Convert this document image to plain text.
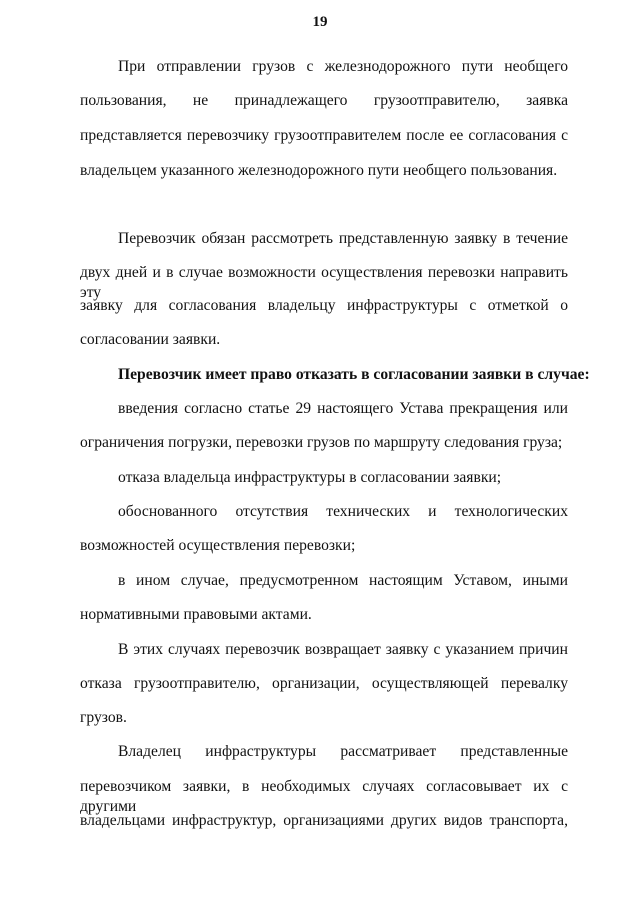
19
При отправлении грузов с железнодорожного пути необщего
пользования, не принадлежащего грузоотправителю, заявка
представляется перевозчику грузоотправителем после ее согласования с
владельцем указанного железнодорожного пути необщего пользования.
Перевозчик обязан рассмотреть представленную заявку в течение
двух дней и в случае возможности осуществления перевозки направить эту
заявку для согласования владельцу инфраструктуры с отметкой о
согласовании заявки.
Перевозчик имеет право отказать в согласовании заявки в случае:
введения согласно статье 29 настоящего Устава прекращения или
ограничения погрузки, перевозки грузов по маршруту следования груза;
отказа владельца инфраструктуры в согласовании заявки;
обоснованного отсутствия технических и технологических
возможностей осуществления перевозки;
в ином случае, предусмотренном настоящим Уставом, иными
нормативными правовыми актами.
В этих случаях перевозчик возвращает заявку с указанием причин
отказа грузоотправителю, организации, осуществляющей перевалку
грузов.
Владелец инфраструктуры рассматривает представленные
перевозчиком заявки, в необходимых случаях согласовывает их с другими
владельцами инфраструктур, организациями других видов транспорта,
